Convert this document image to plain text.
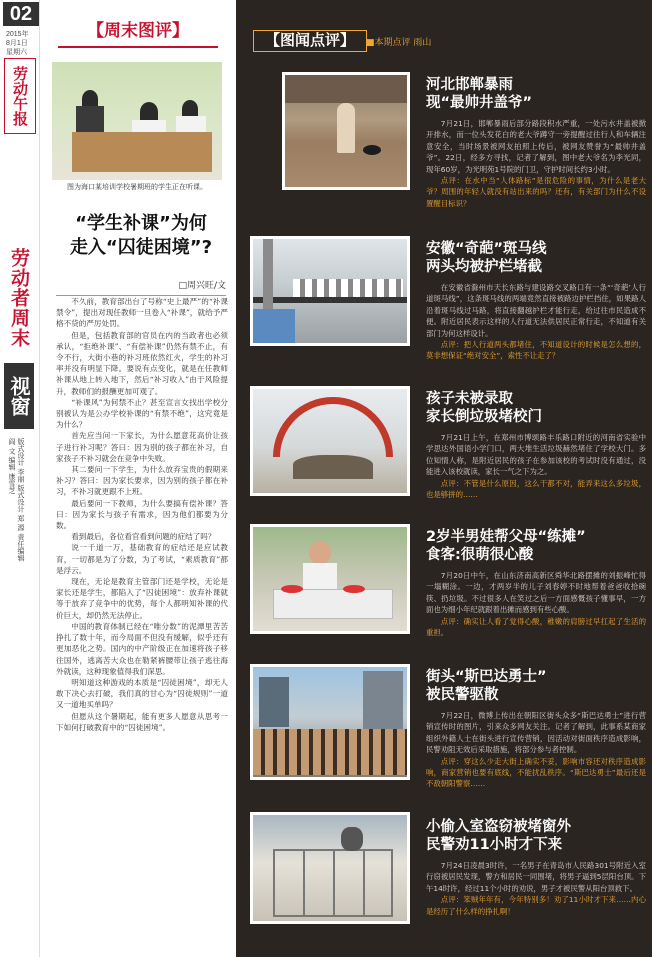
02
2015年
8月1日
星期六
劳动午报
劳动者周末
视窗
版式设计 李丽 版式设计 郑 源 责任编辑 阎 文 编辑 康雪芝
【周末图评】
图为海口某培训学校暑期班的学生正在听课。
“学生补课”为何
走入“囚徒困境”?
□周兴旺/文

不久前，教育部出台了号称“史上最严”的“补课禁令”，提出对现任教师一旦卷入“补课”，就给予严格不贷的严厉处罚。

但是，包括教育部的官员在内的当政者也必须承认，“拒绝补课”、“有偿补课”仍然有禁不止，有令不行，大街小巷的补习班依然红火，学生的补习率并没有明显下降。要说有点变化，就是在任教师补课从地上转入地下，然后“补习收入”由于风险提升，教师们的报酬更加可观了。

“补课风”为何禁不止？甚至宣言女找出学校分别被认为是公办学校补课的“有禁不绝”，这究竟是为什么？

首先应当问一下家长，为什么愿意花高价让孩子进行补习呢？答曰：因为别的孩子都在补习，自家孩子不补习就会在竞争中失败。

其二要问一下学生，为什么放弃宝贵的假期来补习？答曰：因为家长要求，因为别的孩子都在补习，不补习就更跟不上班。

最后要问一下教师，为什么要搞有偿补课？答曰：因为家长与孩子有需求，因为他们都要为分数。

看到最后，各位看官看到问题的症结了吗？

说一千道一万，基础教育的症结还是应试教育，一切都是为了分数，为了考试，“素质教育”都是浮云。

现在，无论是教育主管部门还是学校，无论是家长还是学生，都陷入了“囚徒困境”：放弃补课就等于放弃了竞争中的优势，每个人都明知补课的代价巨大，却仍然无法停止。

中国的教育体制已经在“唯分数”的泥潭里苦苦挣扎了数十年，而今局面不但没有缓解，似乎还有更加恶化之势。国内的中产阶级正在加速将孩子移往国外，逃离苦大众也在勒紧裤腰带让孩子逃往海外就读，这种现象值得我们深思。

明知道这种游戏的本质是“囚徒困境”，却无人敢下决心去打破，我们真的甘心为“囚徒规则”一道又一道地买单吗？

但愿从这个暑期起，能有更多人愿意从思考一下如何打破教育中的“囚徒困境”。

【图闻点评】	■本期点评 雨山
河北邯郸暴雨
现“最帅井盖爷”
7月21日，邯郸暴雨后部分路段积水严重，一处污水井盖被掀开排水，而一位头发花白的老大爷蹲守一旁提醒过往行人和车辆注意安全，当时场景被网友拍照上传后，被网友赞誉为“最帅井盖爷”。22日，经多方寻找，记者了解到，图中老大爷名为李光同，现年60岁，为光明苑1号院的门卫，守护时间长约3小时。
点评：在水中当“人体路标”是很危险的事情，为什么是老大爷？周围的年轻人就没有站出来的吗？还有，有关部门为什么不设置醒目标识？
安徽“奇葩”斑马线
两头均被护栏堵截
在安徽省滁州市天长东路与建设路交叉路口有一条“‘奇葩’人行道斑马线”，这条斑马线的两端竟然直接被路边护栏挡住，如果路人沿着斑马线过马路，将直接翻越护栏才能行走，给过往市民造成不便。附近居民表示这样的人行道无法供居民正常行走，不知道有关部门为何这样设计。
点评：把人行道两头都堵住，不知道设计的时候是怎么想的，莫非想保证“绝对安全”，索性不让走了？
孩子未被录取
家长倒垃圾堵校门
7月21日上午，在郑州市博颂路丰乐路口附近的河南省实验中学思达外国语小学门口，两大堆生活垃圾赫然堵住了学校大门。多位知情人称，是附近居民的孩子在参加该校的考试时没有通过，没能进入该校就读，家长一气之下为之。
点评：不管是什么原因，这么干都不对，能弄来这么多垃圾，也是够拼的……
2岁半男娃帮父母“练摊”
食客:很萌很心酸
7月20日中午，在山东济南高新区舜华北路摆摊的刘振峰忙得一塌糊涂。一边，才两岁半的儿子刘春婷不时地帮着爸爸收拾碗筷、扔垃圾。不过很多人在笑过之后一方面感慨孩子懂事早，一方面也为细小年纪就跟着出摊而感到有些心酸。
点评：确实让人看了觉得心酸，稚嫩的肩膀过早扛起了生活的重担。
街头“斯巴达勇士”
被民警驱散
7月22日，微博上传出在朝阳区街头众多“斯巴达勇士”进行营销宣传时的图片，引来众多网友关注。记者了解到，此事系某商家组织外籍人士在街头进行宣传营销，因活动对街面秩序造成影响，民警劝阻无效后采取措施，将部分参与者控制。
点评：穿这么少走大街上确实不妥，影响市容还对秩序造成影响，商家营销也要有底线，不能扰乱秩序。“斯巴达勇士”最后还是不敌朝阳警察……
小偷入室盗窃被堵窗外
民警劝11小时才下来
7月24日凌晨3时许，一名男子在青岛市人民路301号附近入室行窃被居民发现，警方和居民一同围堵，将男子逼到5层阳台顶。下午14时许，经过11个小时的劝说，男子才被民警从阳台顶救下。
点评：笨贼年年有，今年特别多！劝了11小时才下来……内心是经历了什么样的挣扎啊！
